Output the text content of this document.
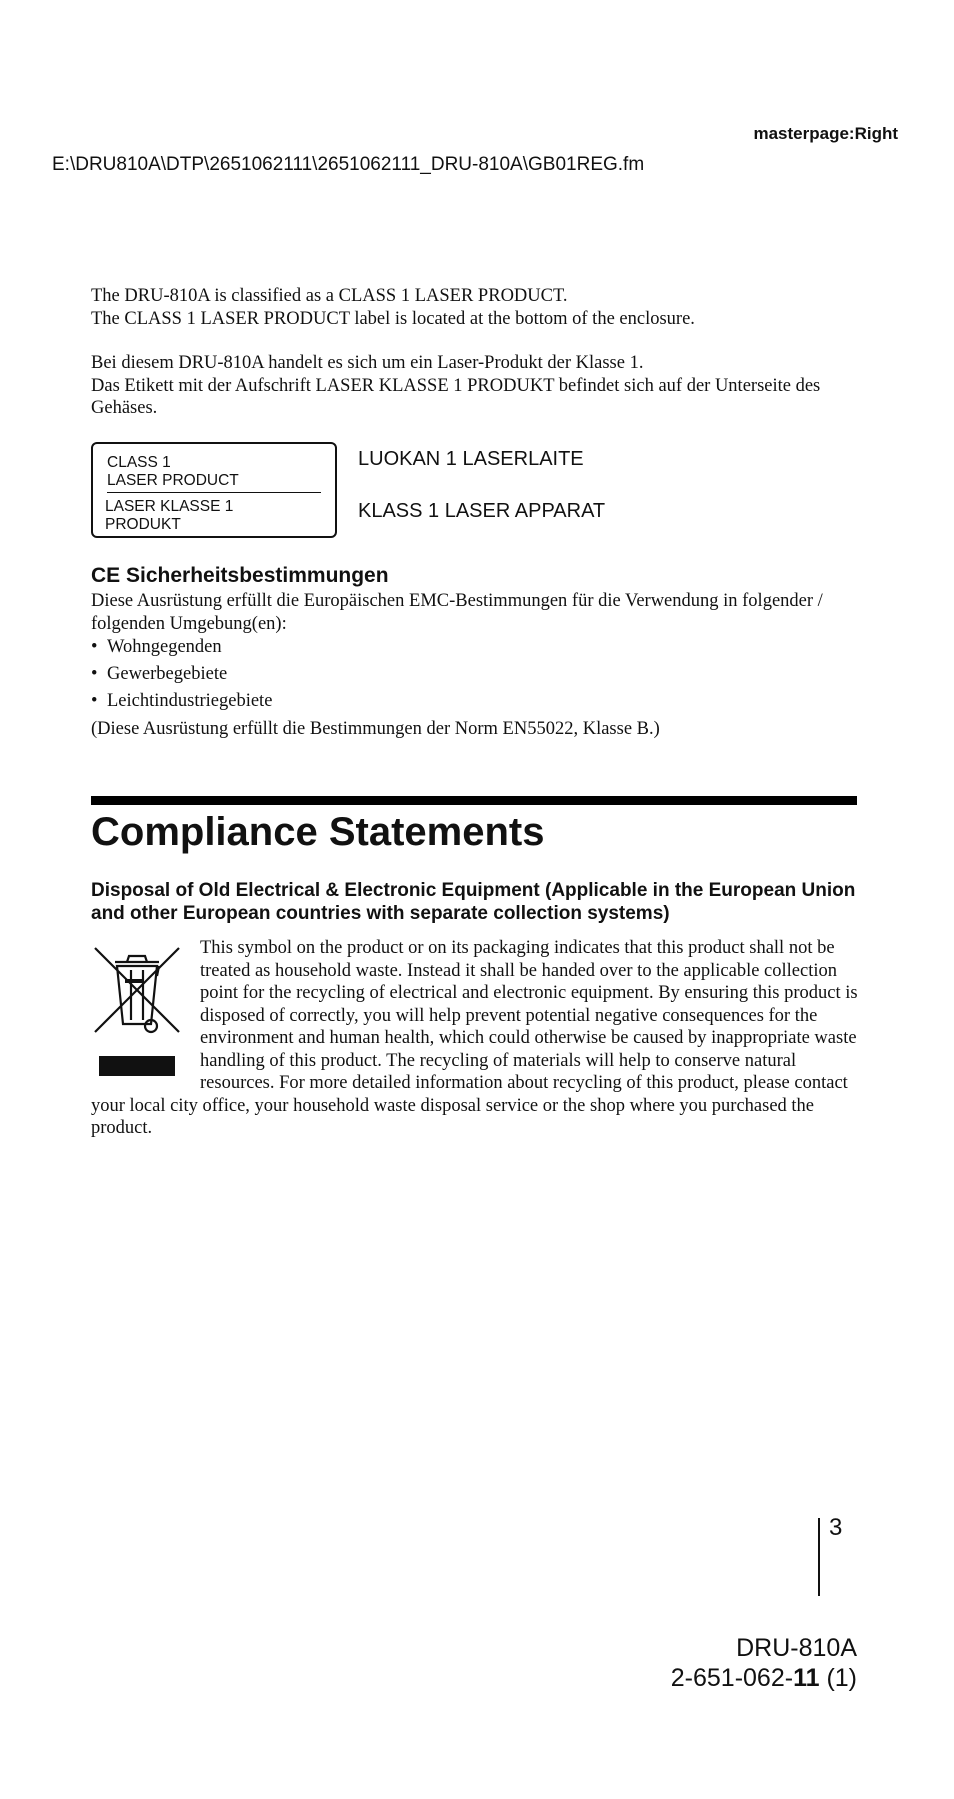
masterpage:Right
E:\DRU810A\DTP\2651062111\2651062111_DRU-810A\GB01REG.fm
The DRU-810A is classified as a CLASS 1 LASER PRODUCT.
The CLASS 1 LASER PRODUCT label is located at the bottom of the enclosure.
Bei diesem DRU-810A handelt es sich um ein Laser-Produkt der Klasse 1.
Das Etikett mit der Aufschrift LASER KLASSE 1 PRODUKT befindet sich auf der Unterseite des Gehäses.
CLASS 1
LASER PRODUCT
LASER KLASSE 1
PRODUKT
LUOKAN 1 LASERLAITE
KLASS 1 LASER APPARAT
CE Sicherheitsbestimmungen
Diese Ausrüstung erfüllt die Europäischen EMC-Bestimmungen für die Verwendung in folgender / folgenden Umgebung(en):
• Wohngegenden
• Gewerbegebiete
• Leichtindustriegebiete
(Diese Ausrüstung erfüllt die Bestimmungen der Norm EN55022, Klasse B.)
Compliance Statements
Disposal of Old Electrical & Electronic Equipment (Applicable in the European Union and other European countries with separate collection systems)
This symbol on the product or on its packaging indicates that this product shall not be treated as household waste. Instead it shall be handed over to the applicable collection point for the recycling of electrical and electronic equipment. By ensuring this product is disposed of correctly, you will help prevent potential negative consequences for the environment and human health, which could otherwise be caused by inappropriate waste handling of this product. The recycling of materials will help to conserve natural resources. For more detailed information about recycling of this product, please contact your local city office, your household waste disposal service or the shop where you purchased the product.
3
DRU-810A
2-651-062-11 (1)
